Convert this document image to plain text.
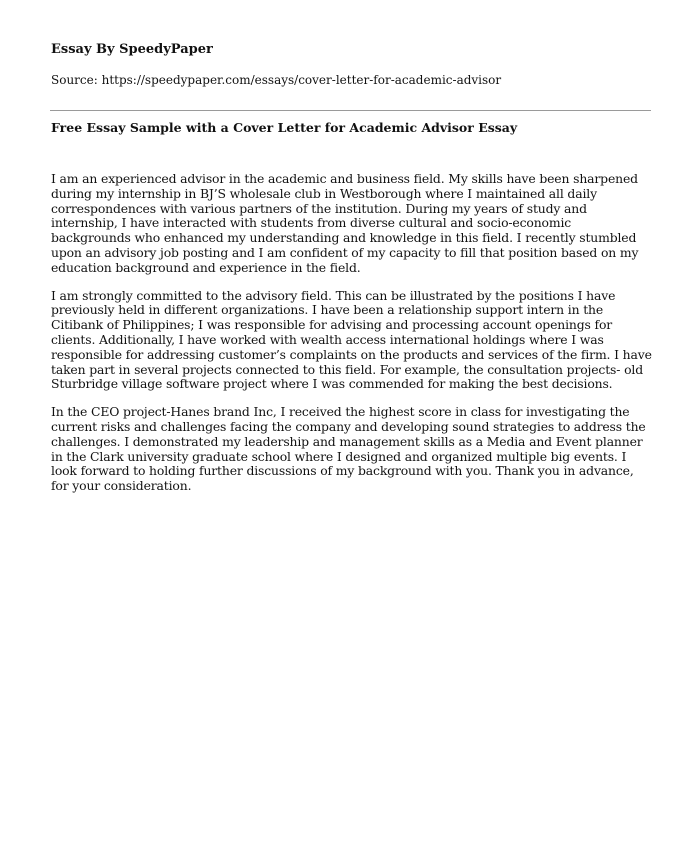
Essay By SpeedyPaper

Source: https://speedypaper.com/essays/cover-letter-for-academic-advisor

Free Essay Sample with a Cover Letter for Academic Advisor Essay

I am an experienced advisor in the academic and business field. My skills have been sharpened during my internship in BJ’S wholesale club in Westborough where I maintained all daily correspondences with various partners of the institution. During my years of study and internship, I have interacted with students from diverse cultural and socio-economic backgrounds who enhanced my understanding and knowledge in this field. I recently stumbled upon an advisory job posting and I am confident of my capacity to fill that position based on my education background and experience in the field.

I am strongly committed to the advisory field. This can be illustrated by the positions I have previously held in different organizations. I have been a relationship support intern in the Citibank of Philippines; I was responsible for advising and processing account openings for clients. Additionally, I have worked with wealth access international holdings where I was responsible for addressing customer’s complaints on the products and services of the firm. I have taken part in several projects connected to this field. For example, the consultation projects- old Sturbridge village software project where I was commended for making the best decisions.

In the CEO project-Hanes brand Inc, I received the highest score in class for investigating the current risks and challenges facing the company and developing sound strategies to address the challenges. I demonstrated my leadership and management skills as a Media and Event planner in the Clark university graduate school where I designed and organized multiple big events. I look forward to holding further discussions of my background with you. Thank you in advance, for your consideration.
